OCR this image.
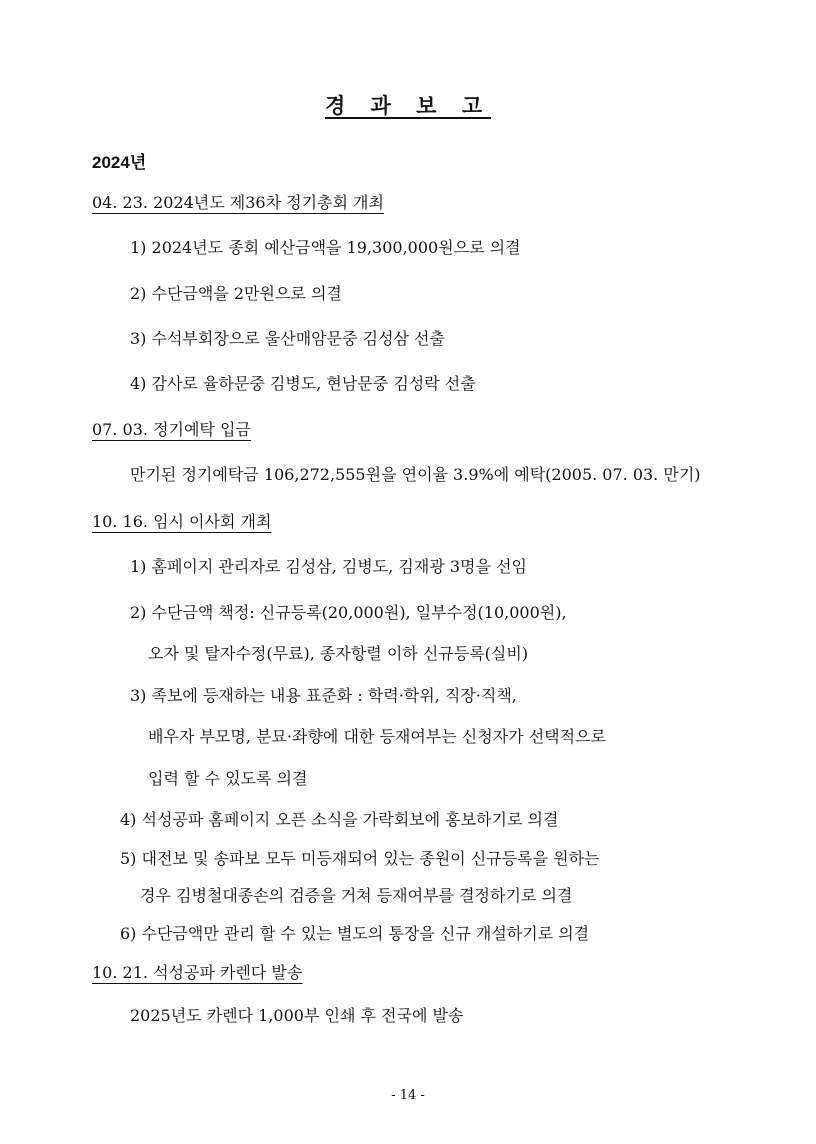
경 과 보 고
2024년
04. 23. 2024년도 제36차 정기총회 개최
1) 2024년도 종회 예산금액을 19,300,000원으로 의결
2) 수단금액을 2만원으로 의결
3) 수석부회장으로 울산매암문중 김성삼 선출
4) 감사로 율하문중 김병도, 현남문중 김성락 선출
07. 03. 정기예탁 입금
만기된 정기예탁금 106,272,555원을 연이율 3.9%에 예탁(2005. 07. 03. 만기)
10. 16. 임시 이사회 개최
1) 홈페이지 관리자로 김성삼, 김병도, 김재광 3명을 선임
2) 수단금액 책정: 신규등록(20,000원), 일부수정(10,000원),
오자 및 탈자수정(무료), 종자항렬 이하 신규등록(실비)
3) 족보에 등재하는 내용 표준화 : 학력·학위, 직장·직책,
배우자 부모명, 분묘·좌향에 대한 등재여부는 신청자가 선택적으로
입력 할 수 있도록 의결
4) 석성공파 홈페이지 오픈 소식을 가락회보에 홍보하기로 의결
5) 대전보 및 송파보 모두 미등재되어 있는 종원이 신규등록을 원하는
경우 김병철대종손의 검증을 거쳐 등재여부를 결정하기로 의결
6) 수단금액만 관리 할 수 있는 별도의 통장을 신규 개설하기로 의결
10. 21. 석성공파 카렌다 발송
2025년도 카렌다 1,000부 인쇄 후 전국에 발송
- 14 -
